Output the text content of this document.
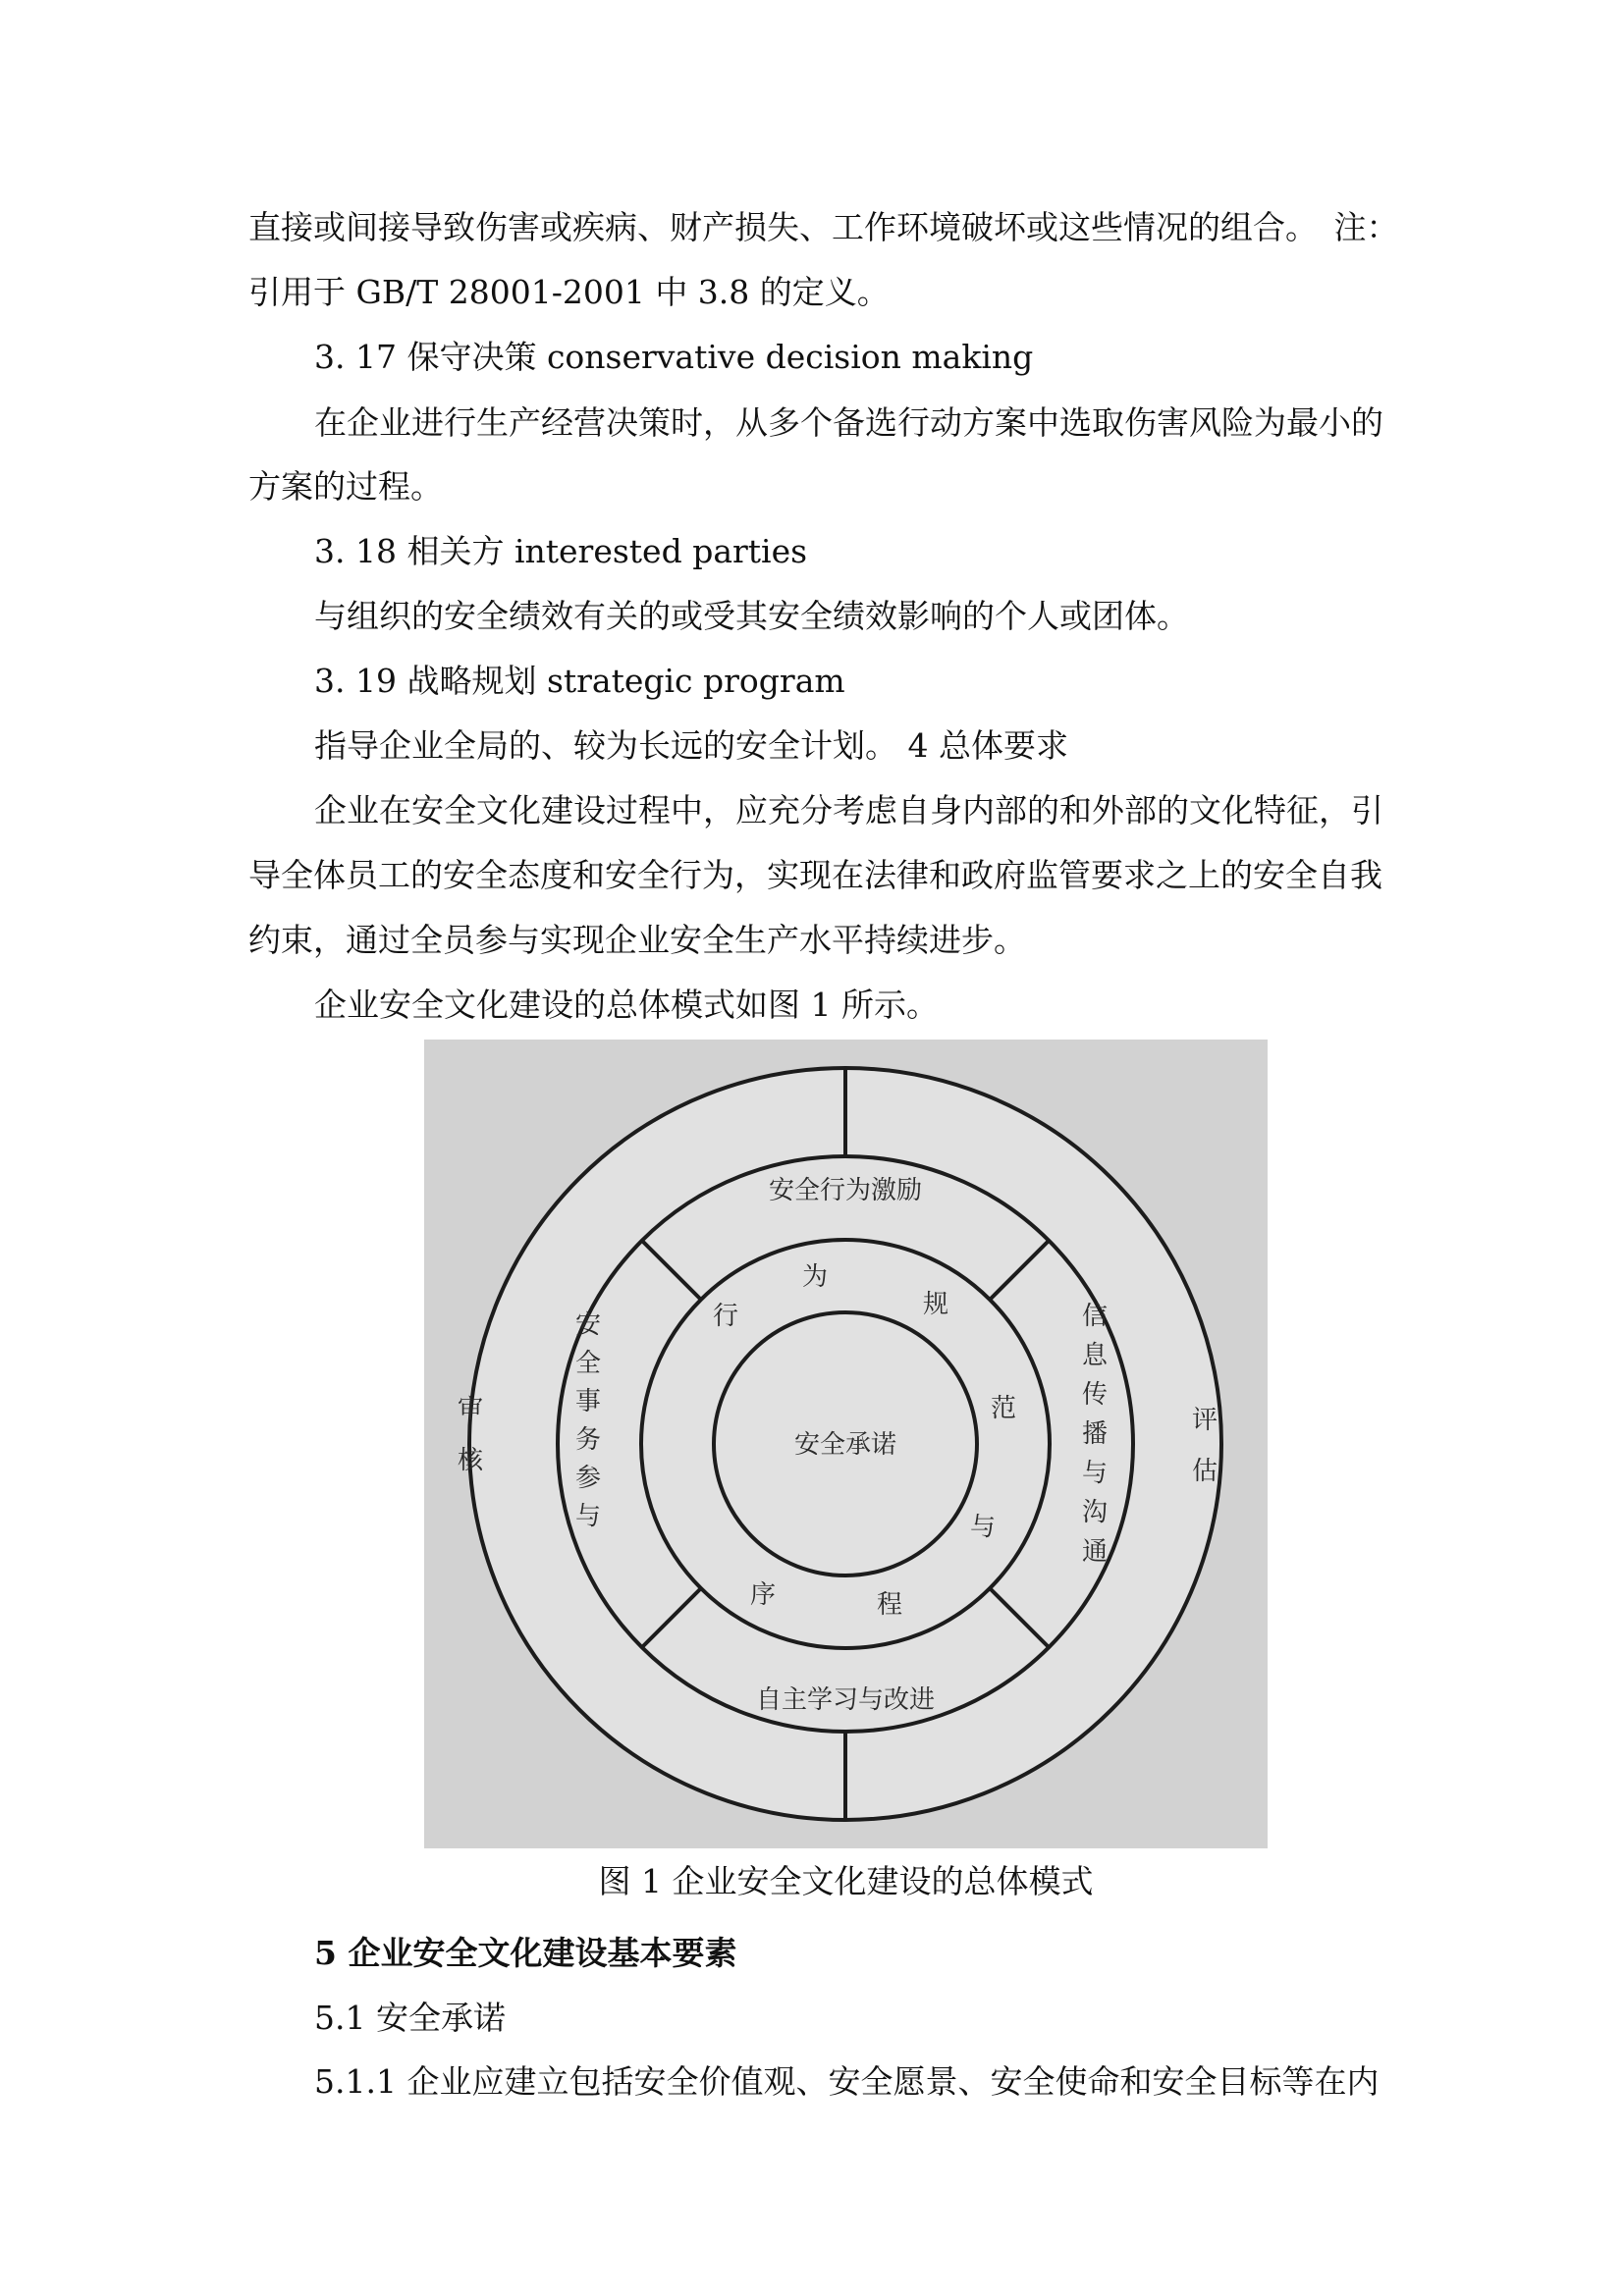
直接或间接导致伤害或疾病、财产损失、工作环境破坏或这些情况的组合。　注：
引用于 GB/T 28001-2001 中 3.8 的定义。
3. 17 保守决策 conservative decision making
在企业进行生产经营决策时，从多个备选行动方案中选取伤害风险为最小的
方案的过程。
3. 18 相关方 interested parties
与组织的安全绩效有关的或受其安全绩效影响的个人或团体。
3. 19 战略规划 strategic program
指导企业全局的、较为长远的安全计划。 4 总体要求
企业在安全文化建设过程中，应充分考虑自身内部的和外部的文化特征，引
导全体员工的安全态度和安全行为，实现在法律和政府监管要求之上的安全自我
约束，通过全员参与实现企业安全生产水平持续进步。
企业安全文化建设的总体模式如图 1 所示。
安全承诺
安全行为激励
自主学习与改进
安
全
事
务
参
与
信
息
传
播
与
沟
通
审
核
评
估
行
为
规
范
与
程
序
图 1 企业安全文化建设的总体模式
5 企业安全文化建设基本要素
5.1 安全承诺
5.1.1 企业应建立包括安全价值观、安全愿景、安全使命和安全目标等在内
